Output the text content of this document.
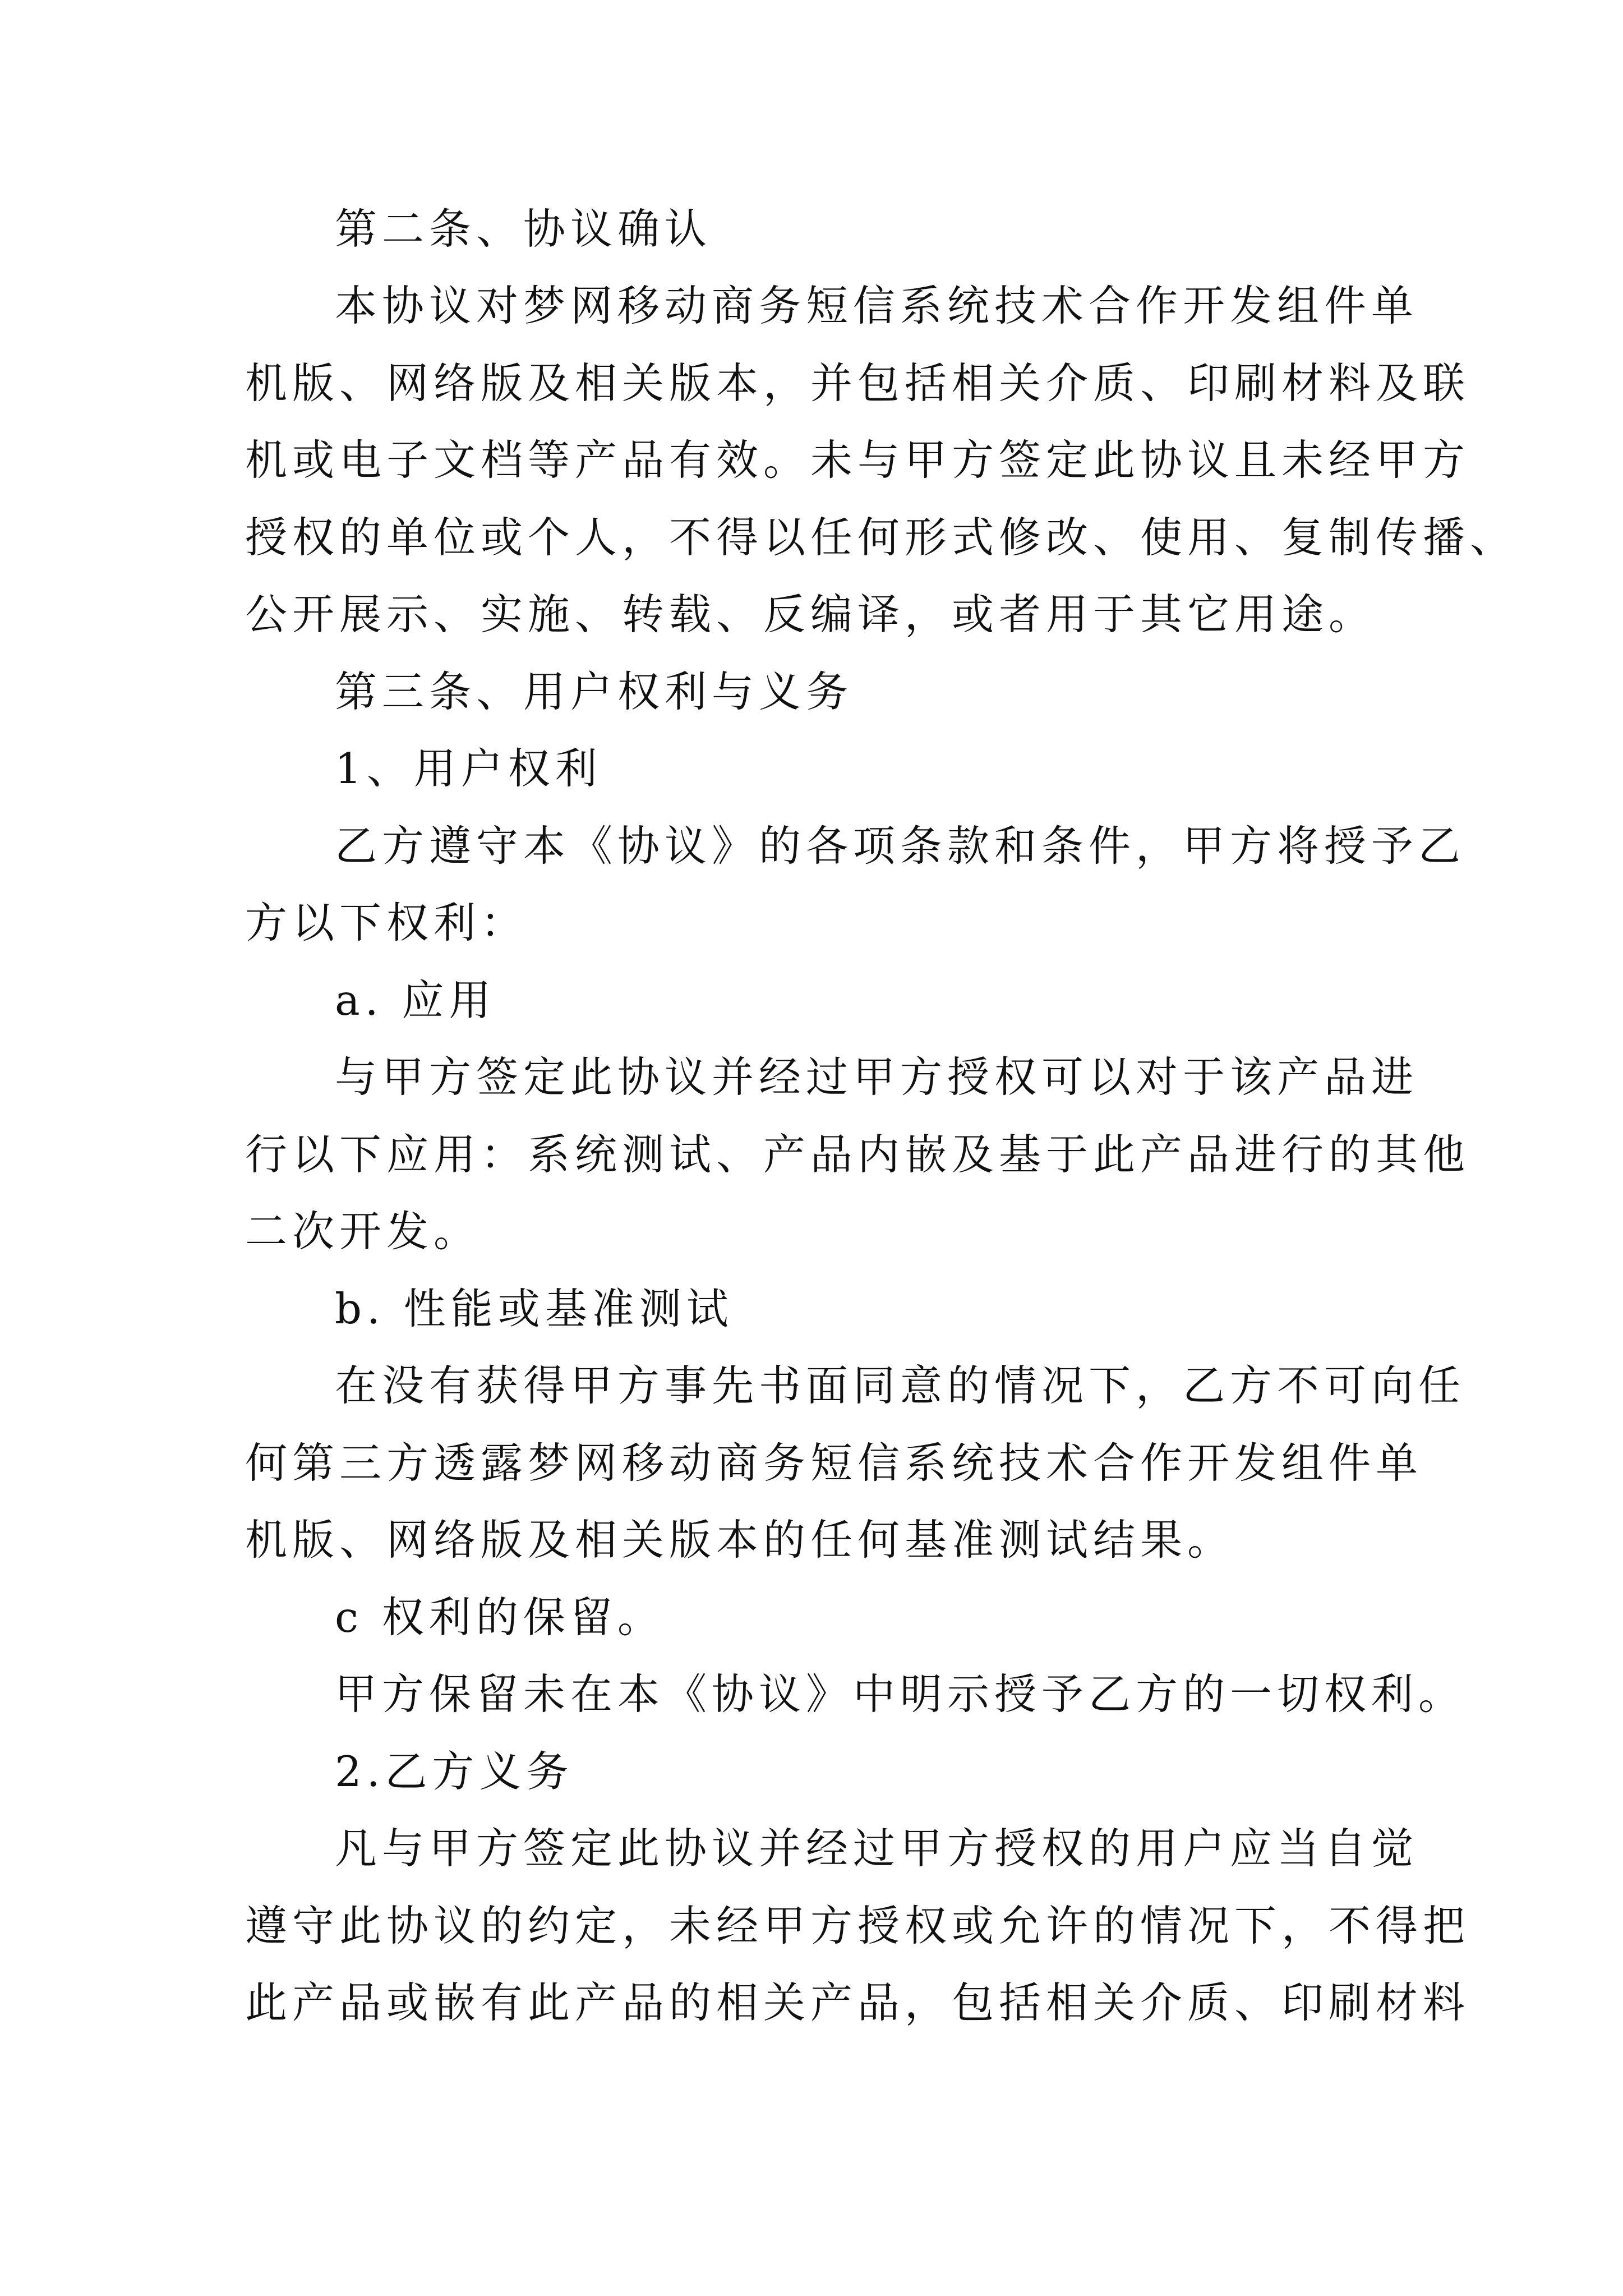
第二条、协议确认
本协议对梦网移动商务短信系统技术合作开发组件单
机版、网络版及相关版本，并包括相关介质、印刷材料及联
机或电子文档等产品有效。未与甲方签定此协议且未经甲方
授权的单位或个人，不得以任何形式修改、使用、复制传播、
公开展示、实施、转载、反编译，或者用于其它用途。
第三条、用户权利与义务
1、用户权利
乙方遵守本《协议》的各项条款和条件，甲方将授予乙
方以下权利：
a. 应用
与甲方签定此协议并经过甲方授权可以对于该产品进
行以下应用：系统测试、产品内嵌及基于此产品进行的其他
二次开发。
b. 性能或基准测试
在没有获得甲方事先书面同意的情况下，乙方不可向任
何第三方透露梦网移动商务短信系统技术合作开发组件单
机版、网络版及相关版本的任何基准测试结果。
c 权利的保留。
甲方保留未在本《协议》中明示授予乙方的一切权利。
2.乙方义务
凡与甲方签定此协议并经过甲方授权的用户应当自觉
遵守此协议的约定，未经甲方授权或允许的情况下，不得把
此产品或嵌有此产品的相关产品，包括相关介质、印刷材料
